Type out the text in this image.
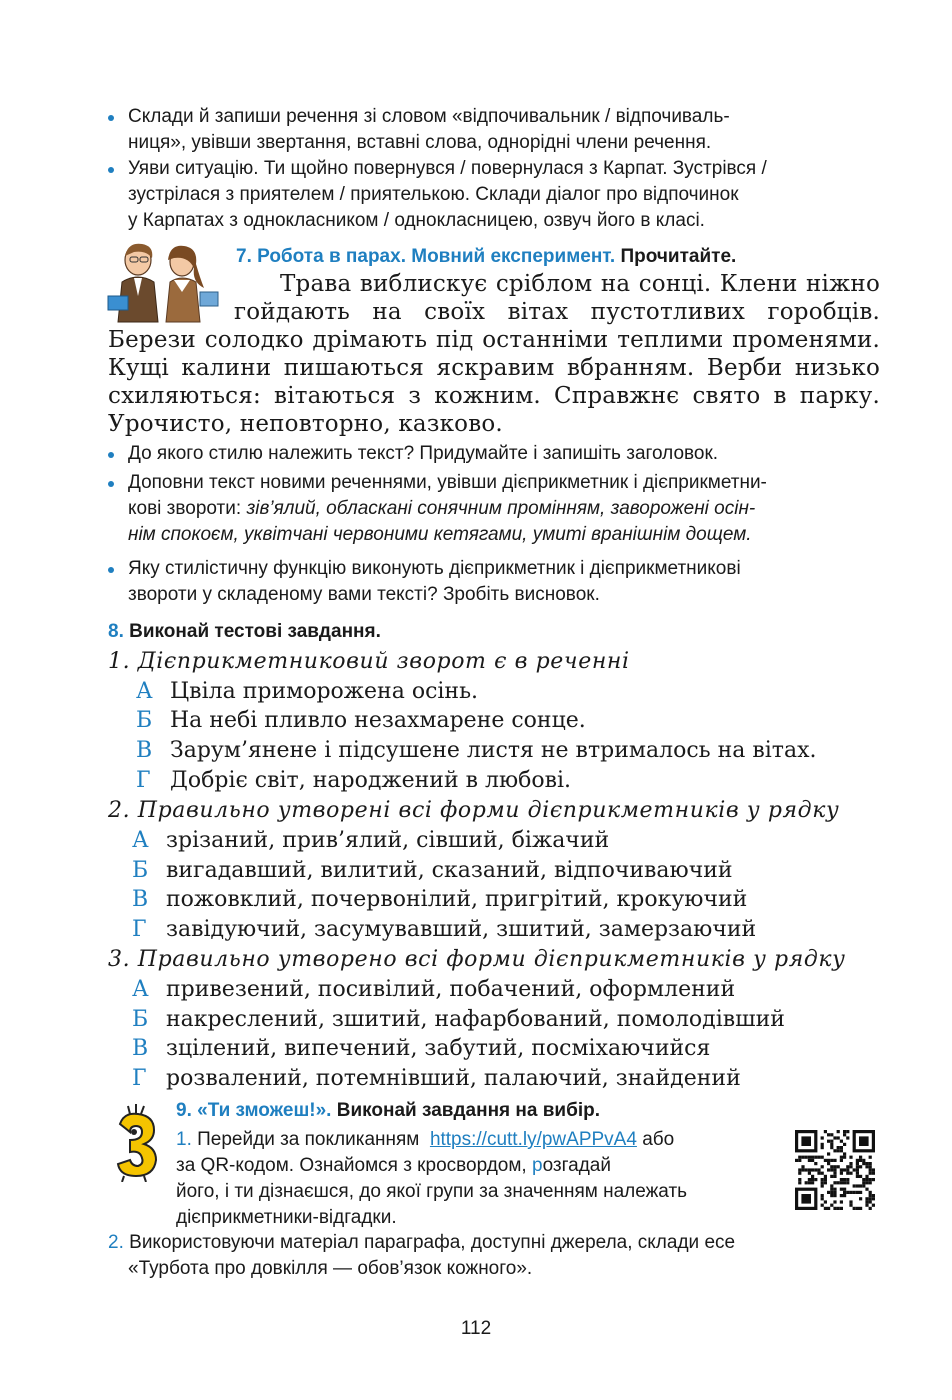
Склади й запиши речення зі словом «відпочивальник / відпочиваль-
ниця», увівши звертання, вставні слова, однорідні члени речення.
Уяви ситуацію. Ти щойно повернувся / повернулася з Карпат. Зустрівся /
зустрілася з приятелем / приятелькою. Склади діалог про відпочинок
у Карпатах з однокласником / однокласницею, озвуч його в класі.
7. Робота в парах. Мовний експеримент. Прочитайте.
Трава виблискує сріблом на сонці. Клени ніжно гойдають на своїх вітах пустотливих горобців. Берези солодко дрімають під останніми теплими променями. Кущі калини пишаються яскравим вбранням. Верби низько схиляються: вітаються з кожним. Справжнє свято в парку. Урочисто, неповторно, казково.
До якого стилю належить текст? Придумайте і запишіть заголовок.
Доповни текст новими реченнями, увівши дієприкметник і дієприкметни-
кові звороти: зів’ялий, обласкані сонячним промінням, заворожені осін-
нім спокоєм, уквітчані червоними кетягами, умиті вранішнім дощем.
Яку стилістичну функцію виконують дієприкметник і дієприкметникові
звороти у складеному вами тексті? Зробіть висновок.
8. Виконай тестові завдання.
1. Дієприкметниковий зворот є в реченні
А Цвіла приморожена осінь.
Б На небі пливло незахмарене сонце.
В Зарум’янене і підсушене листя не втрималось на вітах.
Г Добріє світ, народжений в любові.
2. Правильно утворені всі форми дієприкметників у рядку
А зрізаний, прив’ялий, сівший, біжачий
Б вигадавший, вилитий, сказаний, відпочиваючий
В пожовклий, почервонілий, пригрітий, крокуючий
Г завідуючий, засумувавший, зшитий, замерзаючий
3. Правильно утворено всі форми дієприкметників у рядку
А привезений, посивілий, побачений, оформлений
Б накреслений, зшитий, нафарбований, помолодівший
В зцілений, випечений, забутий, посміхаючийся
Г розвалений, потемнівший, палаючий, знайдений
9. «Ти зможеш!». Виконай завдання на вибір.
1. Перейди за покликанням https://cutt.ly/pwAPPvA4 або
за QR-кодом. Ознайомся з кросвордом, розгадай
його, і ти дізнаєшся, до якої групи за значенням належать
дієприкметники-відгадки.
2. Використовуючи матеріал параграфа, доступні джерела, склади есе
«Турбота про довкілля — обов’язок кожного».
112
